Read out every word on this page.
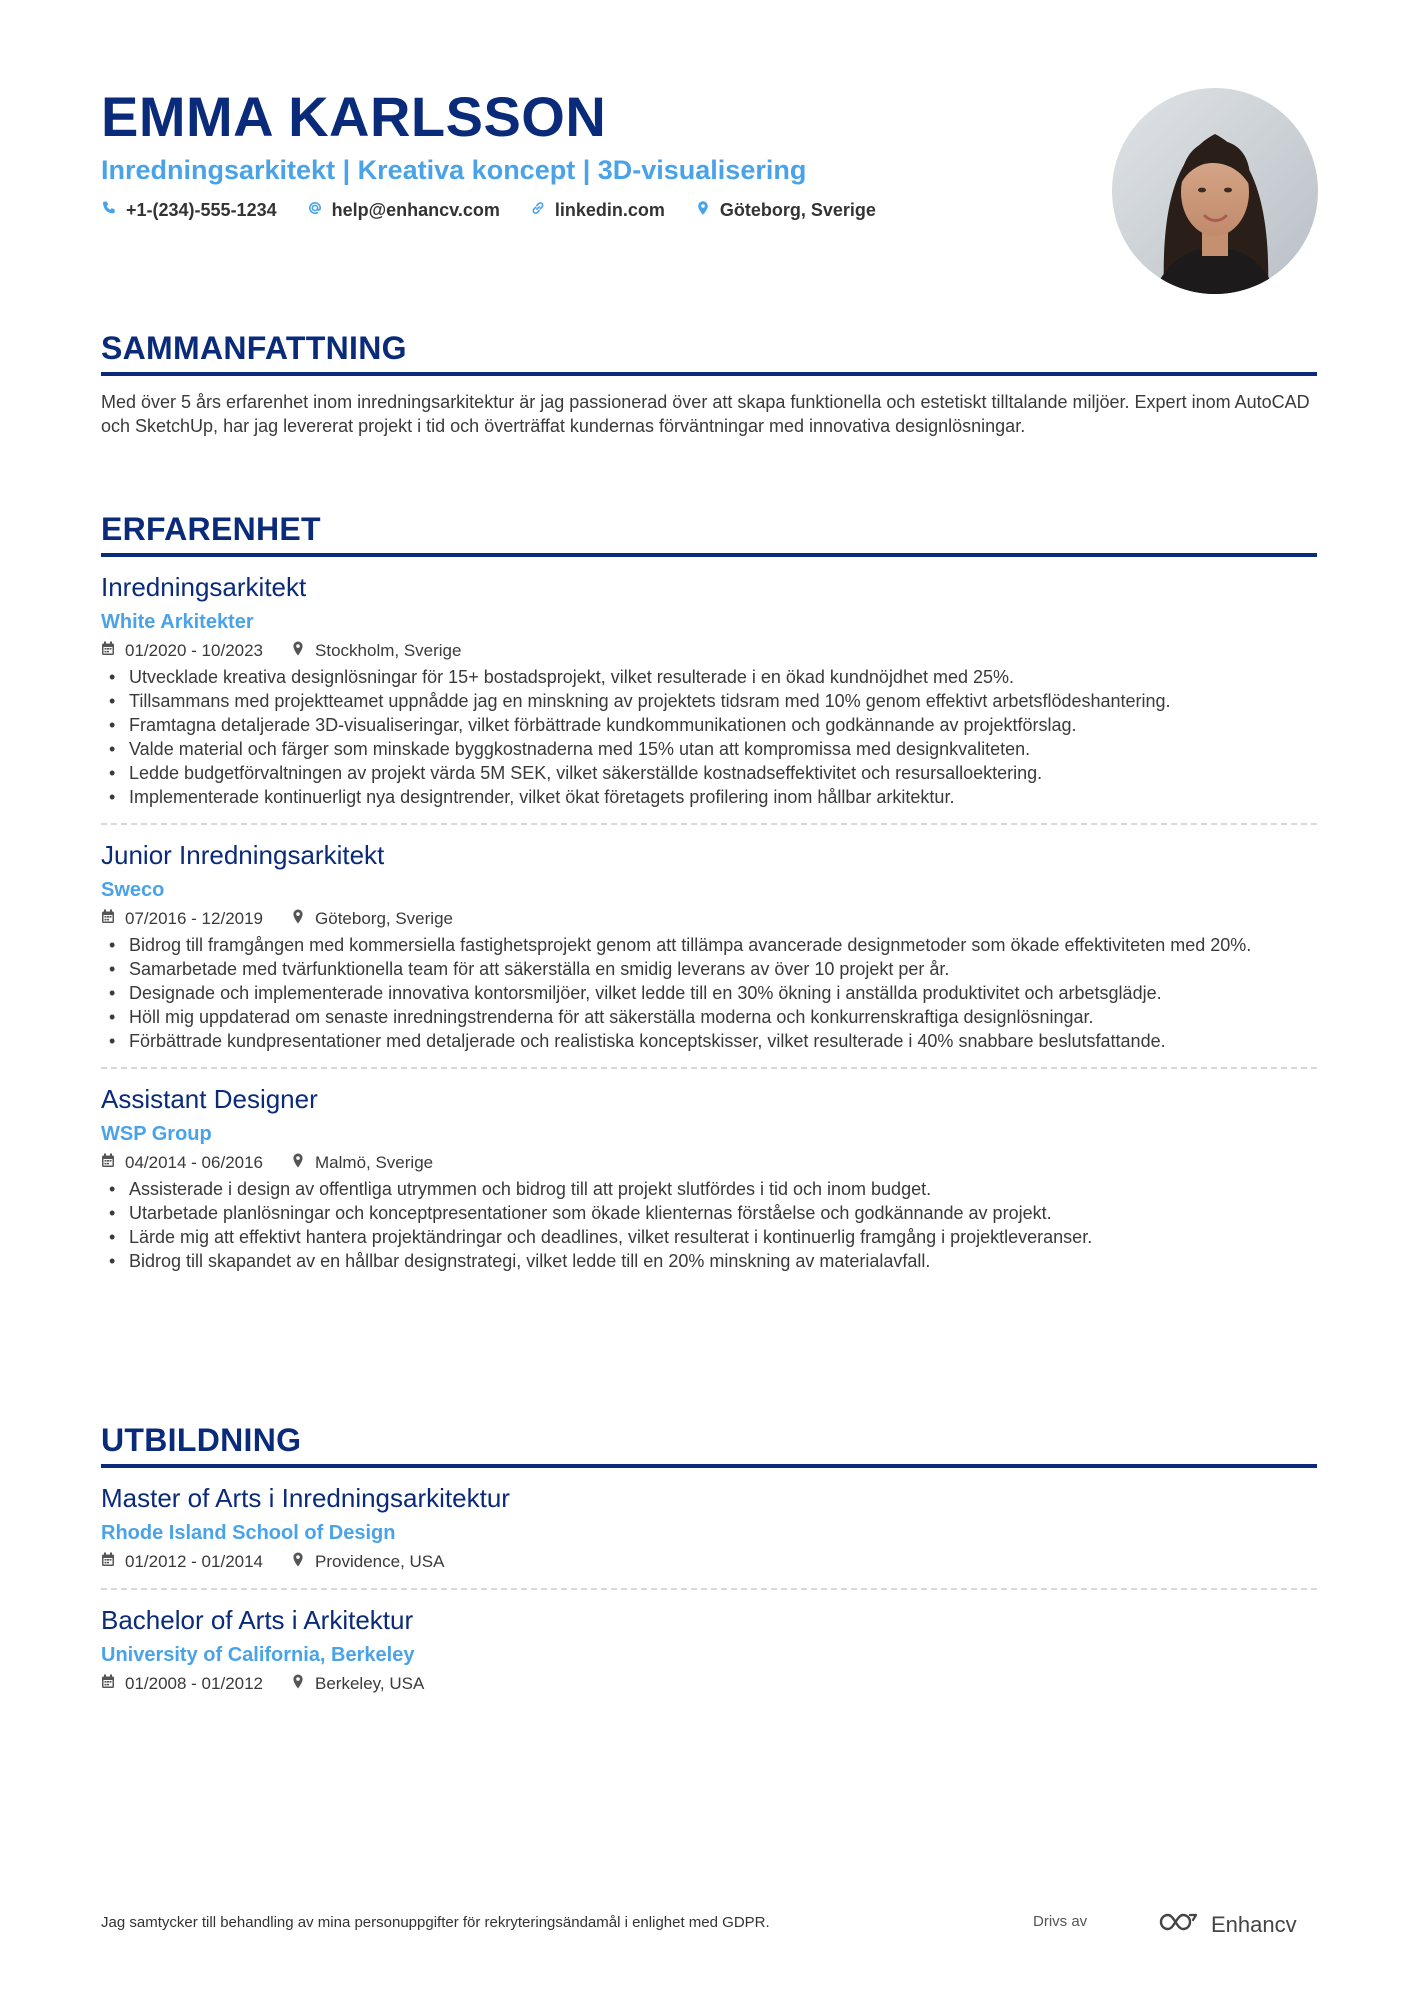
EMMA KARLSSON
Inredningsarkitekt | Kreativa koncept | 3D-visualisering
+1-(234)-555-1234	help@enhancv.com	linkedin.com	Göteborg, Sverige
SAMMANFATTNING
Med över 5 års erfarenhet inom inredningsarkitektur är jag passionerad över att skapa funktionella och estetiskt tilltalande miljöer. Expert inom AutoCAD och SketchUp, har jag levererat projekt i tid och överträffat kundernas förväntningar med innovativa designlösningar.
ERFARENHET
Inredningsarkitekt
White Arkitekter
01/2020 - 10/2023	Stockholm, Sverige
• Utvecklade kreativa designlösningar för 15+ bostadsprojekt, vilket resulterade i en ökad kundnöjdhet med 25%.
• Tillsammans med projektteamet uppnådde jag en minskning av projektets tidsram med 10% genom effektivt arbetsflödeshantering.
• Framtagna detaljerade 3D-visualiseringar, vilket förbättrade kundkommunikationen och godkännande av projektförslag.
• Valde material och färger som minskade byggkostnaderna med 15% utan att kompromissa med designkvaliteten.
• Ledde budgetförvaltningen av projekt värda 5M SEK, vilket säkerställde kostnadseffektivitet och resursalloektering.
• Implementerade kontinuerligt nya designtrender, vilket ökat företagets profilering inom hållbar arkitektur.
Junior Inredningsarkitekt
Sweco
07/2016 - 12/2019	Göteborg, Sverige
• Bidrog till framgången med kommersiella fastighetsprojekt genom att tillämpa avancerade designmetoder som ökade effektiviteten med 20%.
• Samarbetade med tvärfunktionella team för att säkerställa en smidig leverans av över 10 projekt per år.
• Designade och implementerade innovativa kontorsmiljöer, vilket ledde till en 30% ökning i anställda produktivitet och arbetsglädje.
• Höll mig uppdaterad om senaste inredningstrenderna för att säkerställa moderna och konkurrenskraftiga designlösningar.
• Förbättrade kundpresentationer med detaljerade och realistiska konceptskisser, vilket resulterade i 40% snabbare beslutsfattande.
Assistant Designer
WSP Group
04/2014 - 06/2016	Malmö, Sverige
• Assisterade i design av offentliga utrymmen och bidrog till att projekt slutfördes i tid och inom budget.
• Utarbetade planlösningar och konceptpresentationer som ökade klienternas förståelse och godkännande av projekt.
• Lärde mig att effektivt hantera projektändringar och deadlines, vilket resulterat i kontinuerlig framgång i projektleveranser.
• Bidrog till skapandet av en hållbar designstrategi, vilket ledde till en 20% minskning av materialavfall.
UTBILDNING
Master of Arts i Inredningsarkitektur
Rhode Island School of Design
01/2012 - 01/2014	Providence, USA
Bachelor of Arts i Arkitektur
University of California, Berkeley
01/2008 - 01/2012	Berkeley, USA
Jag samtycker till behandling av mina personuppgifter för rekryteringsändamål i enlighet med GDPR.	Drivs av	Enhancv
